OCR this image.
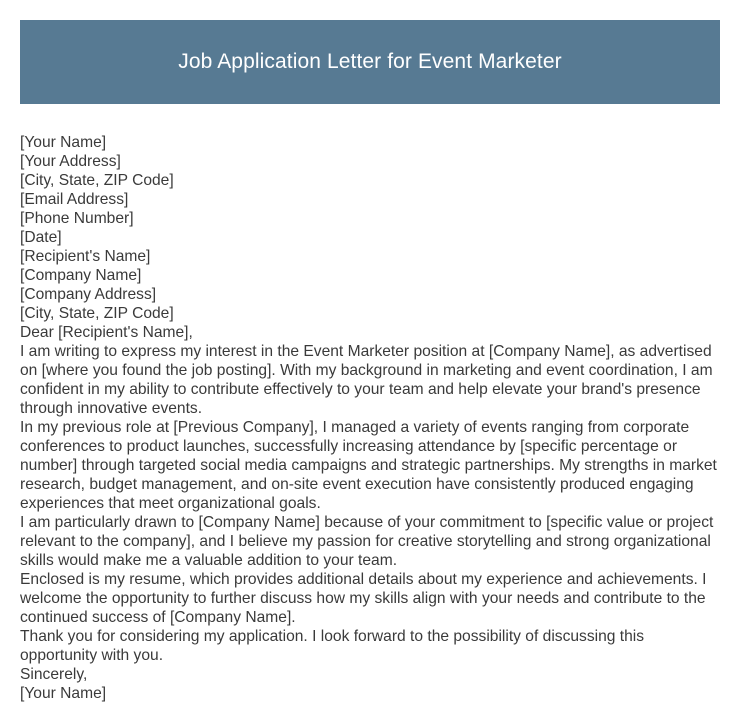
Job Application Letter for Event Marketer

[Your Name]

[Your Address]

[City, State, ZIP Code]

[Email Address]

[Phone Number]

[Date]

[Recipient's Name]

[Company Name]

[Company Address]

[City, State, ZIP Code]

Dear [Recipient's Name],

I am writing to express my interest in the Event Marketer position at [Company Name], as advertised on [where you found the job posting]. With my background in marketing and event coordination, I am confident in my ability to contribute effectively to your team and help elevate your brand's presence through innovative events.

In my previous role at [Previous Company], I managed a variety of events ranging from corporate conferences to product launches, successfully increasing attendance by [specific percentage or number] through targeted social media campaigns and strategic partnerships. My strengths in market research, budget management, and on-site event execution have consistently produced engaging experiences that meet organizational goals.

I am particularly drawn to [Company Name] because of your commitment to [specific value or project relevant to the company], and I believe my passion for creative storytelling and strong organizational skills would make me a valuable addition to your team.

Enclosed is my resume, which provides additional details about my experience and achievements. I welcome the opportunity to further discuss how my skills align with your needs and contribute to the continued success of [Company Name].

Thank you for considering my application. I look forward to the possibility of discussing this opportunity with you.

Sincerely,

[Your Name]
